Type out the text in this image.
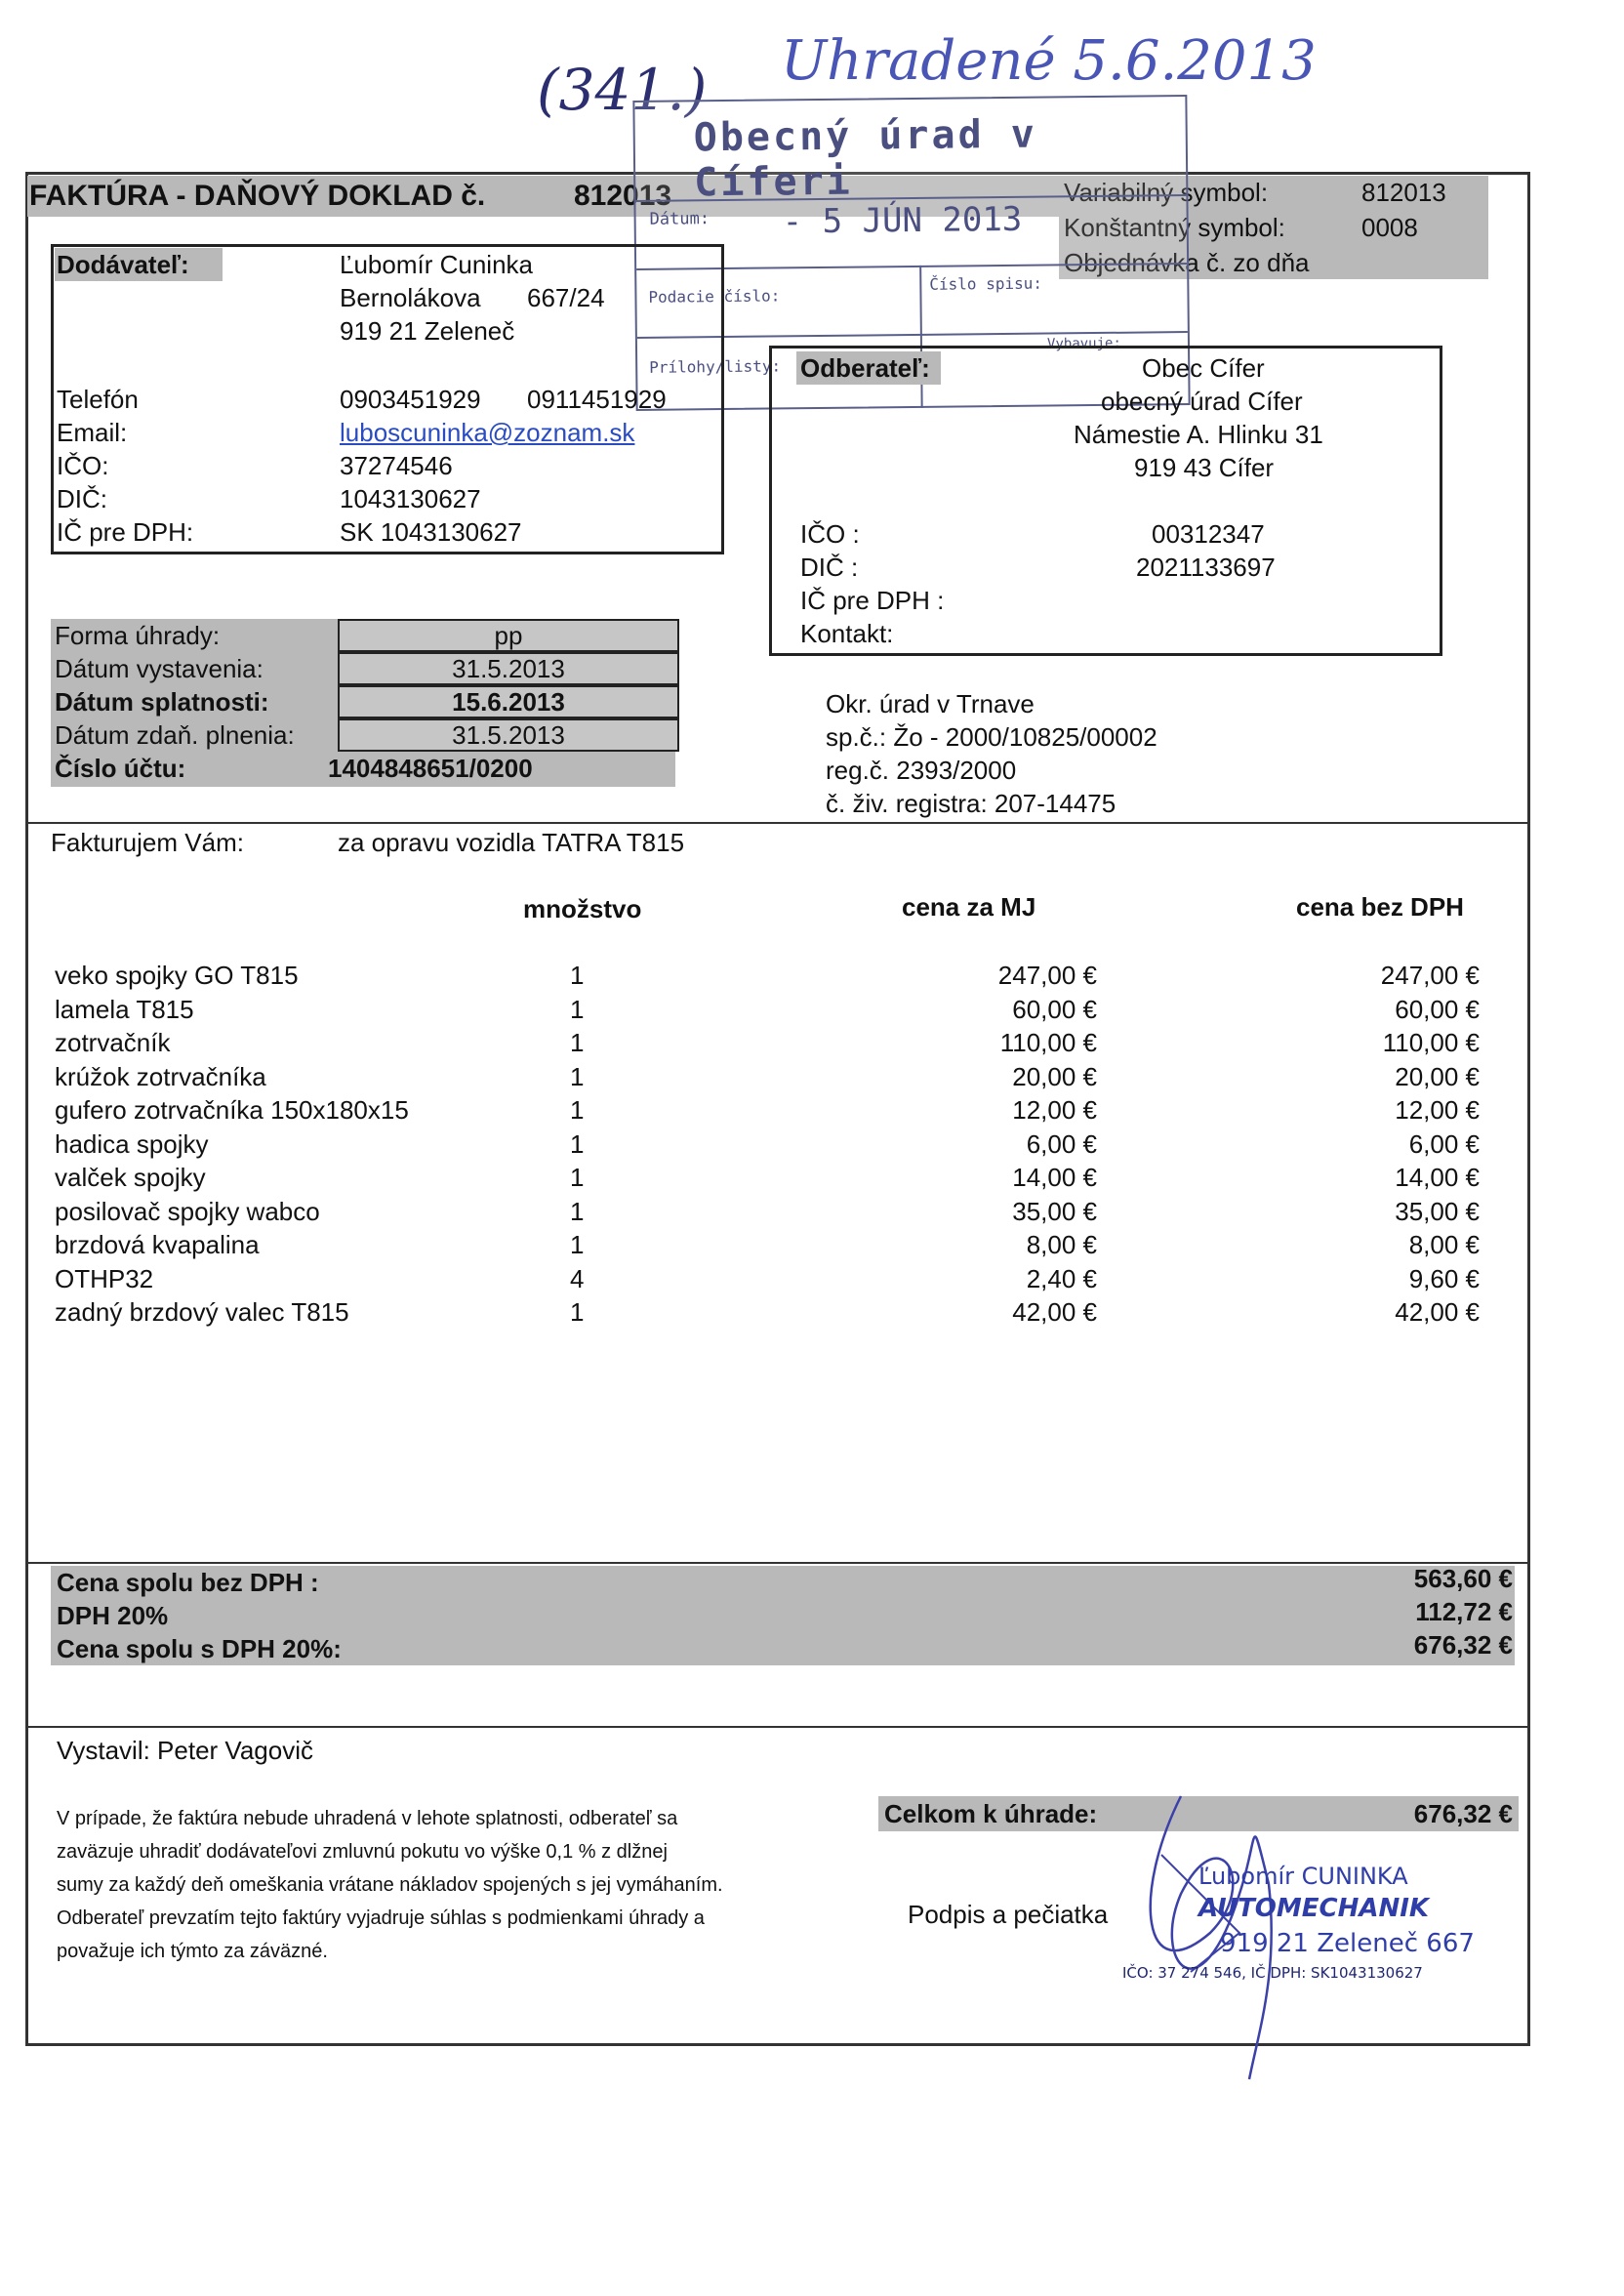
(341.) Uhradené 5.6.2013
FAKTÚRA - DAŇOVÝ DOKLAD č.	812013	Variabilný symbol:	812013
Konštantný symbol:	0008
Objednávka č. zo dňa
Obecný úrad v Cíferi
Dátum: - 5 JÚN 2013
Podacie číslo:
Číslo spisu:
Prílohy/listy:
Vybavuje:
Dodávateľ:	Ľubomír Cuninka
Bernolákova 667/24
919 21 Zeleneč
Telefón	0903451929 0911451929
Email:	luboscuninka@zoznam.sk
IČO:	37274546
DIČ:	1043130627
IČ pre DPH:	SK 1043130627
Odberateľ:	Obec Cífer
obecný úrad Cífer
Námestie A. Hlinku 31
919 43 Cífer
IČO :	00312347
DIČ :	2021133697
IČ pre DPH :
Kontakt:
Forma úhrady:	pp
Dátum vystavenia:	31.5.2013
Dátum splatnosti:	15.6.2013
Dátum zdaň. plnenia:	31.5.2013
Číslo účtu:	1404848651/0200
Okr. úrad v Trnave
sp.č.: Žo - 2000/10825/00002
reg.č. 2393/2000
č. živ. registra: 207-14475
Fakturujem Vám:	za opravu vozidla TATRA T815
množstvo	cena za MJ	cena bez DPH
veko spojky GO T815	1	247,00 €	247,00 €
lamela T815	1	60,00 €	60,00 €
zotrvačník	1	110,00 €	110,00 €
krúžok zotrvačníka	1	20,00 €	20,00 €
gufero zotrvačníka 150x180x15	1	12,00 €	12,00 €
hadica spojky	1	6,00 €	6,00 €
valček spojky	1	14,00 €	14,00 €
posilovač spojky wabco	1	35,00 €	35,00 €
brzdová kvapalina	1	8,00 €	8,00 €
OTHP32	4	2,40 €	9,60 €
zadný brzdový valec T815	1	42,00 €	42,00 €
Cena spolu bez DPH :	563,60 €
DPH 20%	112,72 €
Cena spolu s DPH 20%:	676,32 €
Vystavil: Peter Vagovič
V prípade, že faktúra nebude uhradená v lehote splatnosti, odberateľ sa
zaväzuje uhradiť dodávateľovi zmluvnú pokutu vo výške 0,1 % z dlžnej
sumy za každý deň omeškania vrátane nákladov spojených s jej vymáhaním.
Odberateľ prevzatím tejto faktúry vyjadruje súhlas s podmienkami úhrady a
považuje ich týmto za záväzné.
Celkom k úhrade:	676,32 €
Podpis a pečiatka
Ľubomír CUNINKA
AUTOMECHANIK
919 21 Zeleneč 667
IČO: 37 274 546, IČ DPH: SK1043130627
